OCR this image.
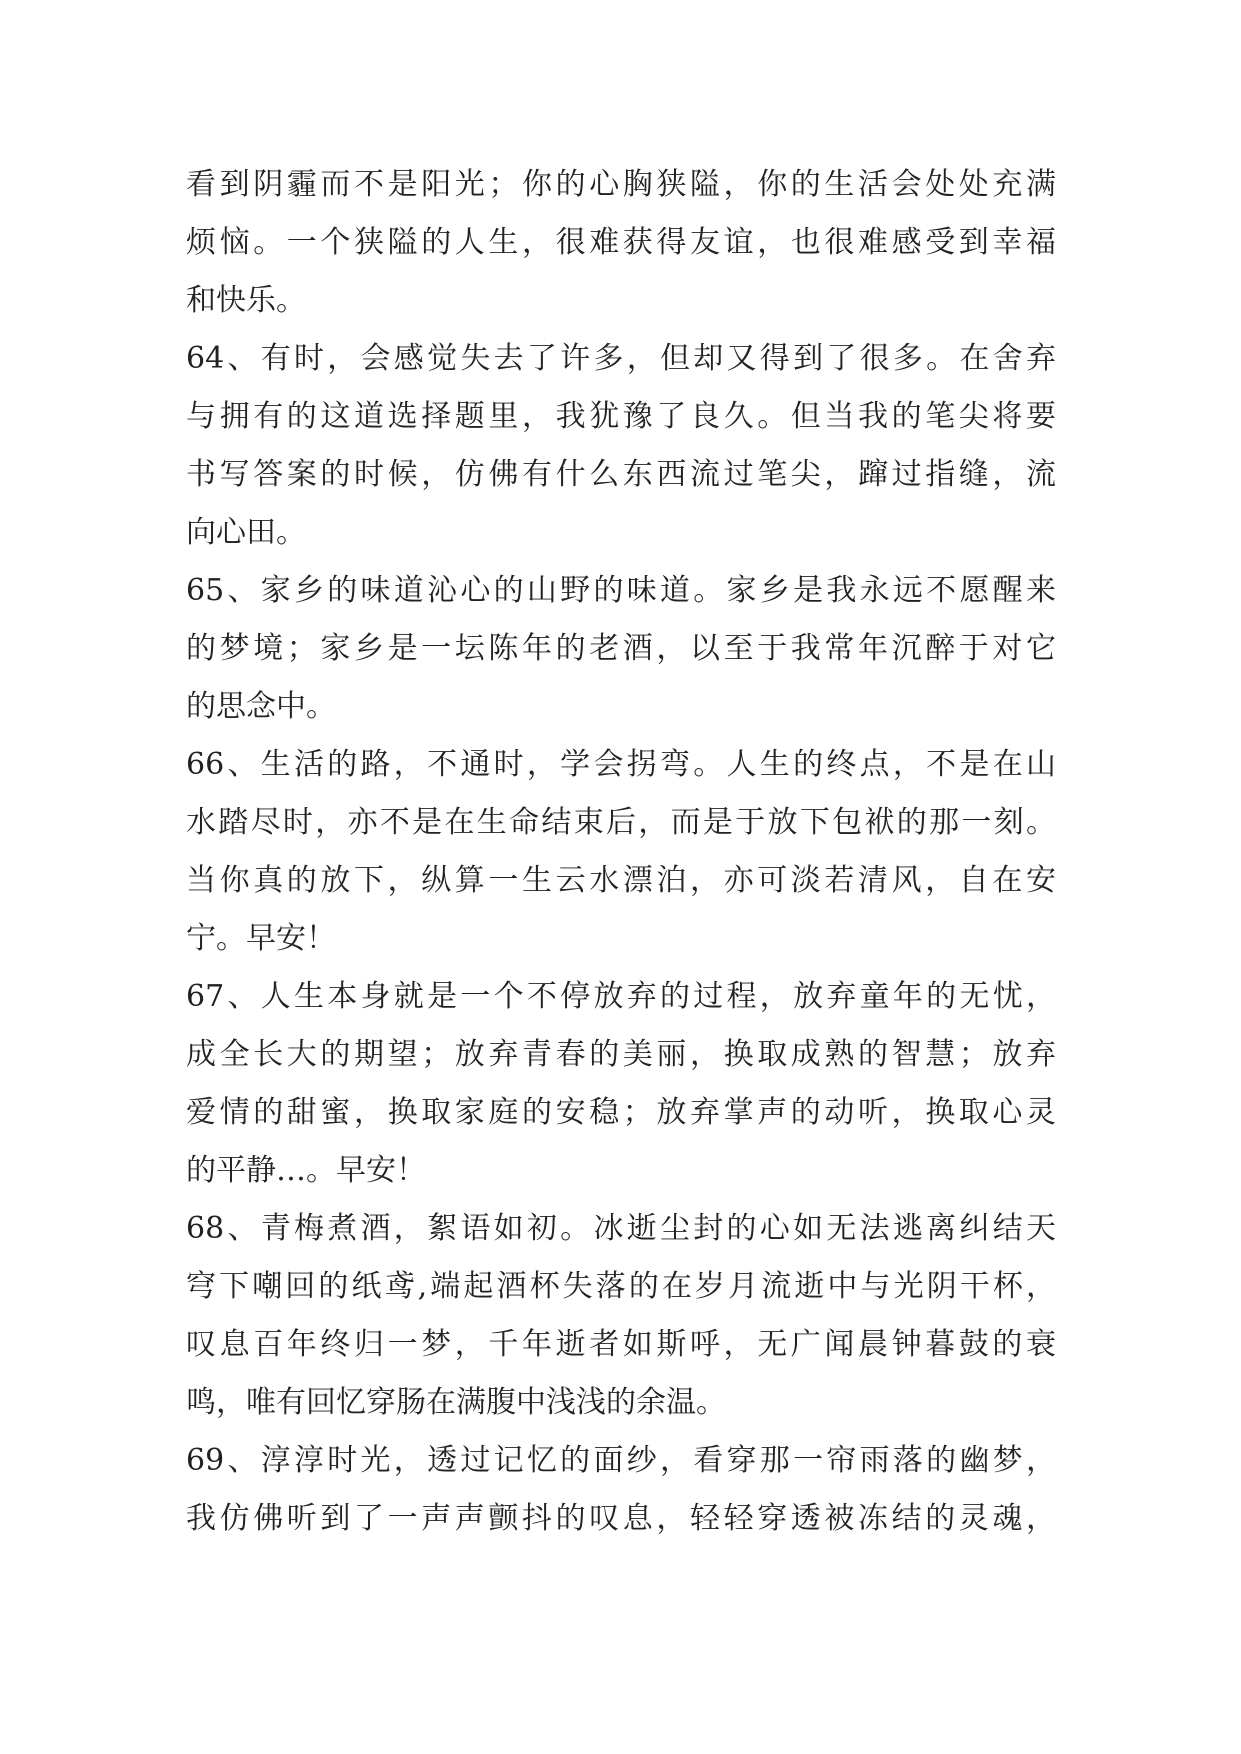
看到阴霾而不是阳光；你的心胸狭隘，你的生活会处处充满
烦恼。一个狭隘的人生，很难获得友谊，也很难感受到幸福
和快乐。
64、有时，会感觉失去了许多，但却又得到了很多。在舍弃
与拥有的这道选择题里，我犹豫了良久。但当我的笔尖将要
书写答案的时候，仿佛有什么东西流过笔尖，蹿过指缝，流
向心田。
65、家乡的味道沁心的山野的味道。家乡是我永远不愿醒来
的梦境；家乡是一坛陈年的老酒，以至于我常年沉醉于对它
的思念中。
66、生活的路，不通时，学会拐弯。人生的终点，不是在山
水踏尽时，亦不是在生命结束后，而是于放下包袱的那一刻。
当你真的放下，纵算一生云水漂泊，亦可淡若清风，自在安
宁。早安！
67、人生本身就是一个不停放弃的过程，放弃童年的无忧，
成全长大的期望；放弃青春的美丽，换取成熟的智慧；放弃
爱情的甜蜜，换取家庭的安稳；放弃掌声的动听，换取心灵
的平静…。早安！
68、青梅煮酒，絮语如初。冰逝尘封的心如无法逃离纠结天
穹下嘲回的纸鸢,端起酒杯失落的在岁月流逝中与光阴干杯，
叹息百年终归一梦，千年逝者如斯呼，无广闻晨钟暮鼓的衰
鸣，唯有回忆穿肠在满腹中浅浅的余温。
69、淳淳时光，透过记忆的面纱，看穿那一帘雨落的幽梦，
我仿佛听到了一声声颤抖的叹息，轻轻穿透被冻结的灵魂，
